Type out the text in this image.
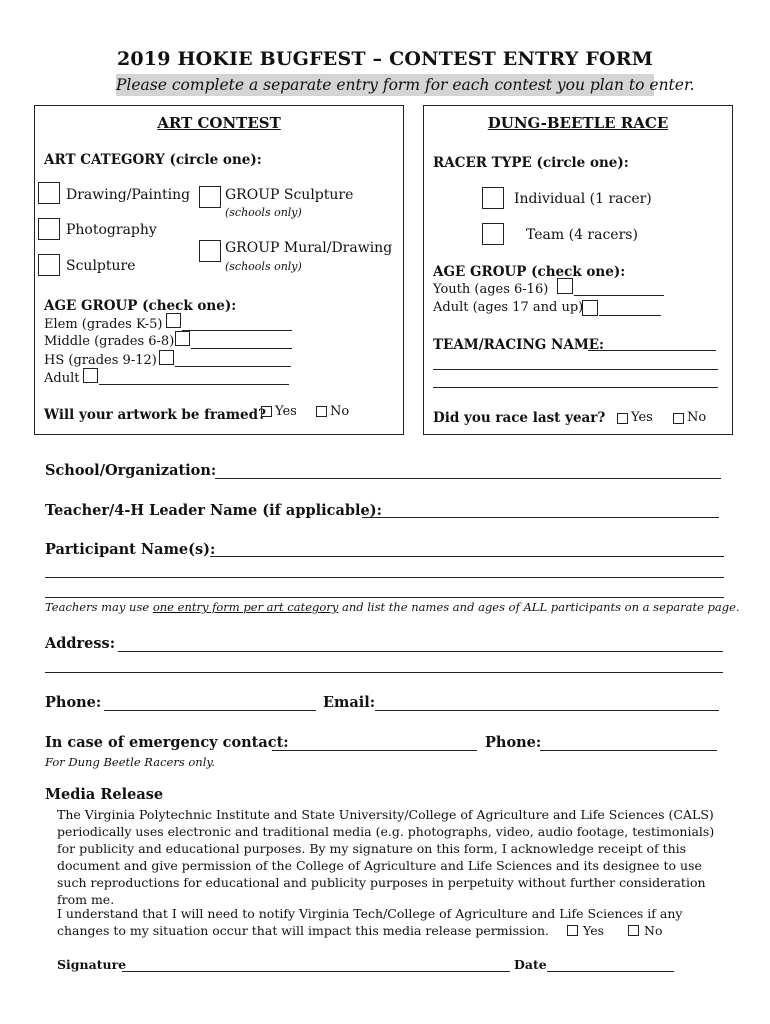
2019 HOKIE BUGFEST – CONTEST ENTRY FORM
Please complete a separate entry form for each contest you plan to enter.
ART CONTEST
ART CATEGORY (circle one):
Drawing/Painting
Photography
Sculpture
GROUP Sculpture
(schools only)
GROUP Mural/Drawing
(schools only)
AGE GROUP (check one):
Elem (grades K-5)
Middle (grades 6-8)
HS (grades 9-12)
Adult
Will your artwork be framed? Yes	No
DUNG-BEETLE RACE
RACER TYPE (circle one):
Individual (1 racer)
Team (4 racers)
AGE GROUP (check one):
Youth (ages 6-16)
Adult (ages 17 and up)
TEAM/RACING NAME:
Did you race last year? Yes	No
School/Organization:
Teacher/4-H Leader Name (if applicable):
Participant Name(s):
Teachers may use one entry form per art category and list the names and ages of ALL participants on a separate page.
Address:
Phone:	Email:
In case of emergency contact:	Phone:
For Dung Beetle Racers only.
Media Release
The Virginia Polytechnic Institute and State University/College of Agriculture and Life Sciences (CALS) periodically uses electronic and traditional media (e.g. photographs, video, audio footage, testimonials) for publicity and educational purposes. By my signature on this form, I acknowledge receipt of this document and give permission of the College of Agriculture and Life Sciences and its designee to use such reproductions for educational and publicity purposes in perpetuity without further consideration from me.
I understand that I will need to notify Virginia Tech/College of Agriculture and Life Sciences if any changes to my situation occur that will impact this media release permission.	Yes	No
Signature	Date
